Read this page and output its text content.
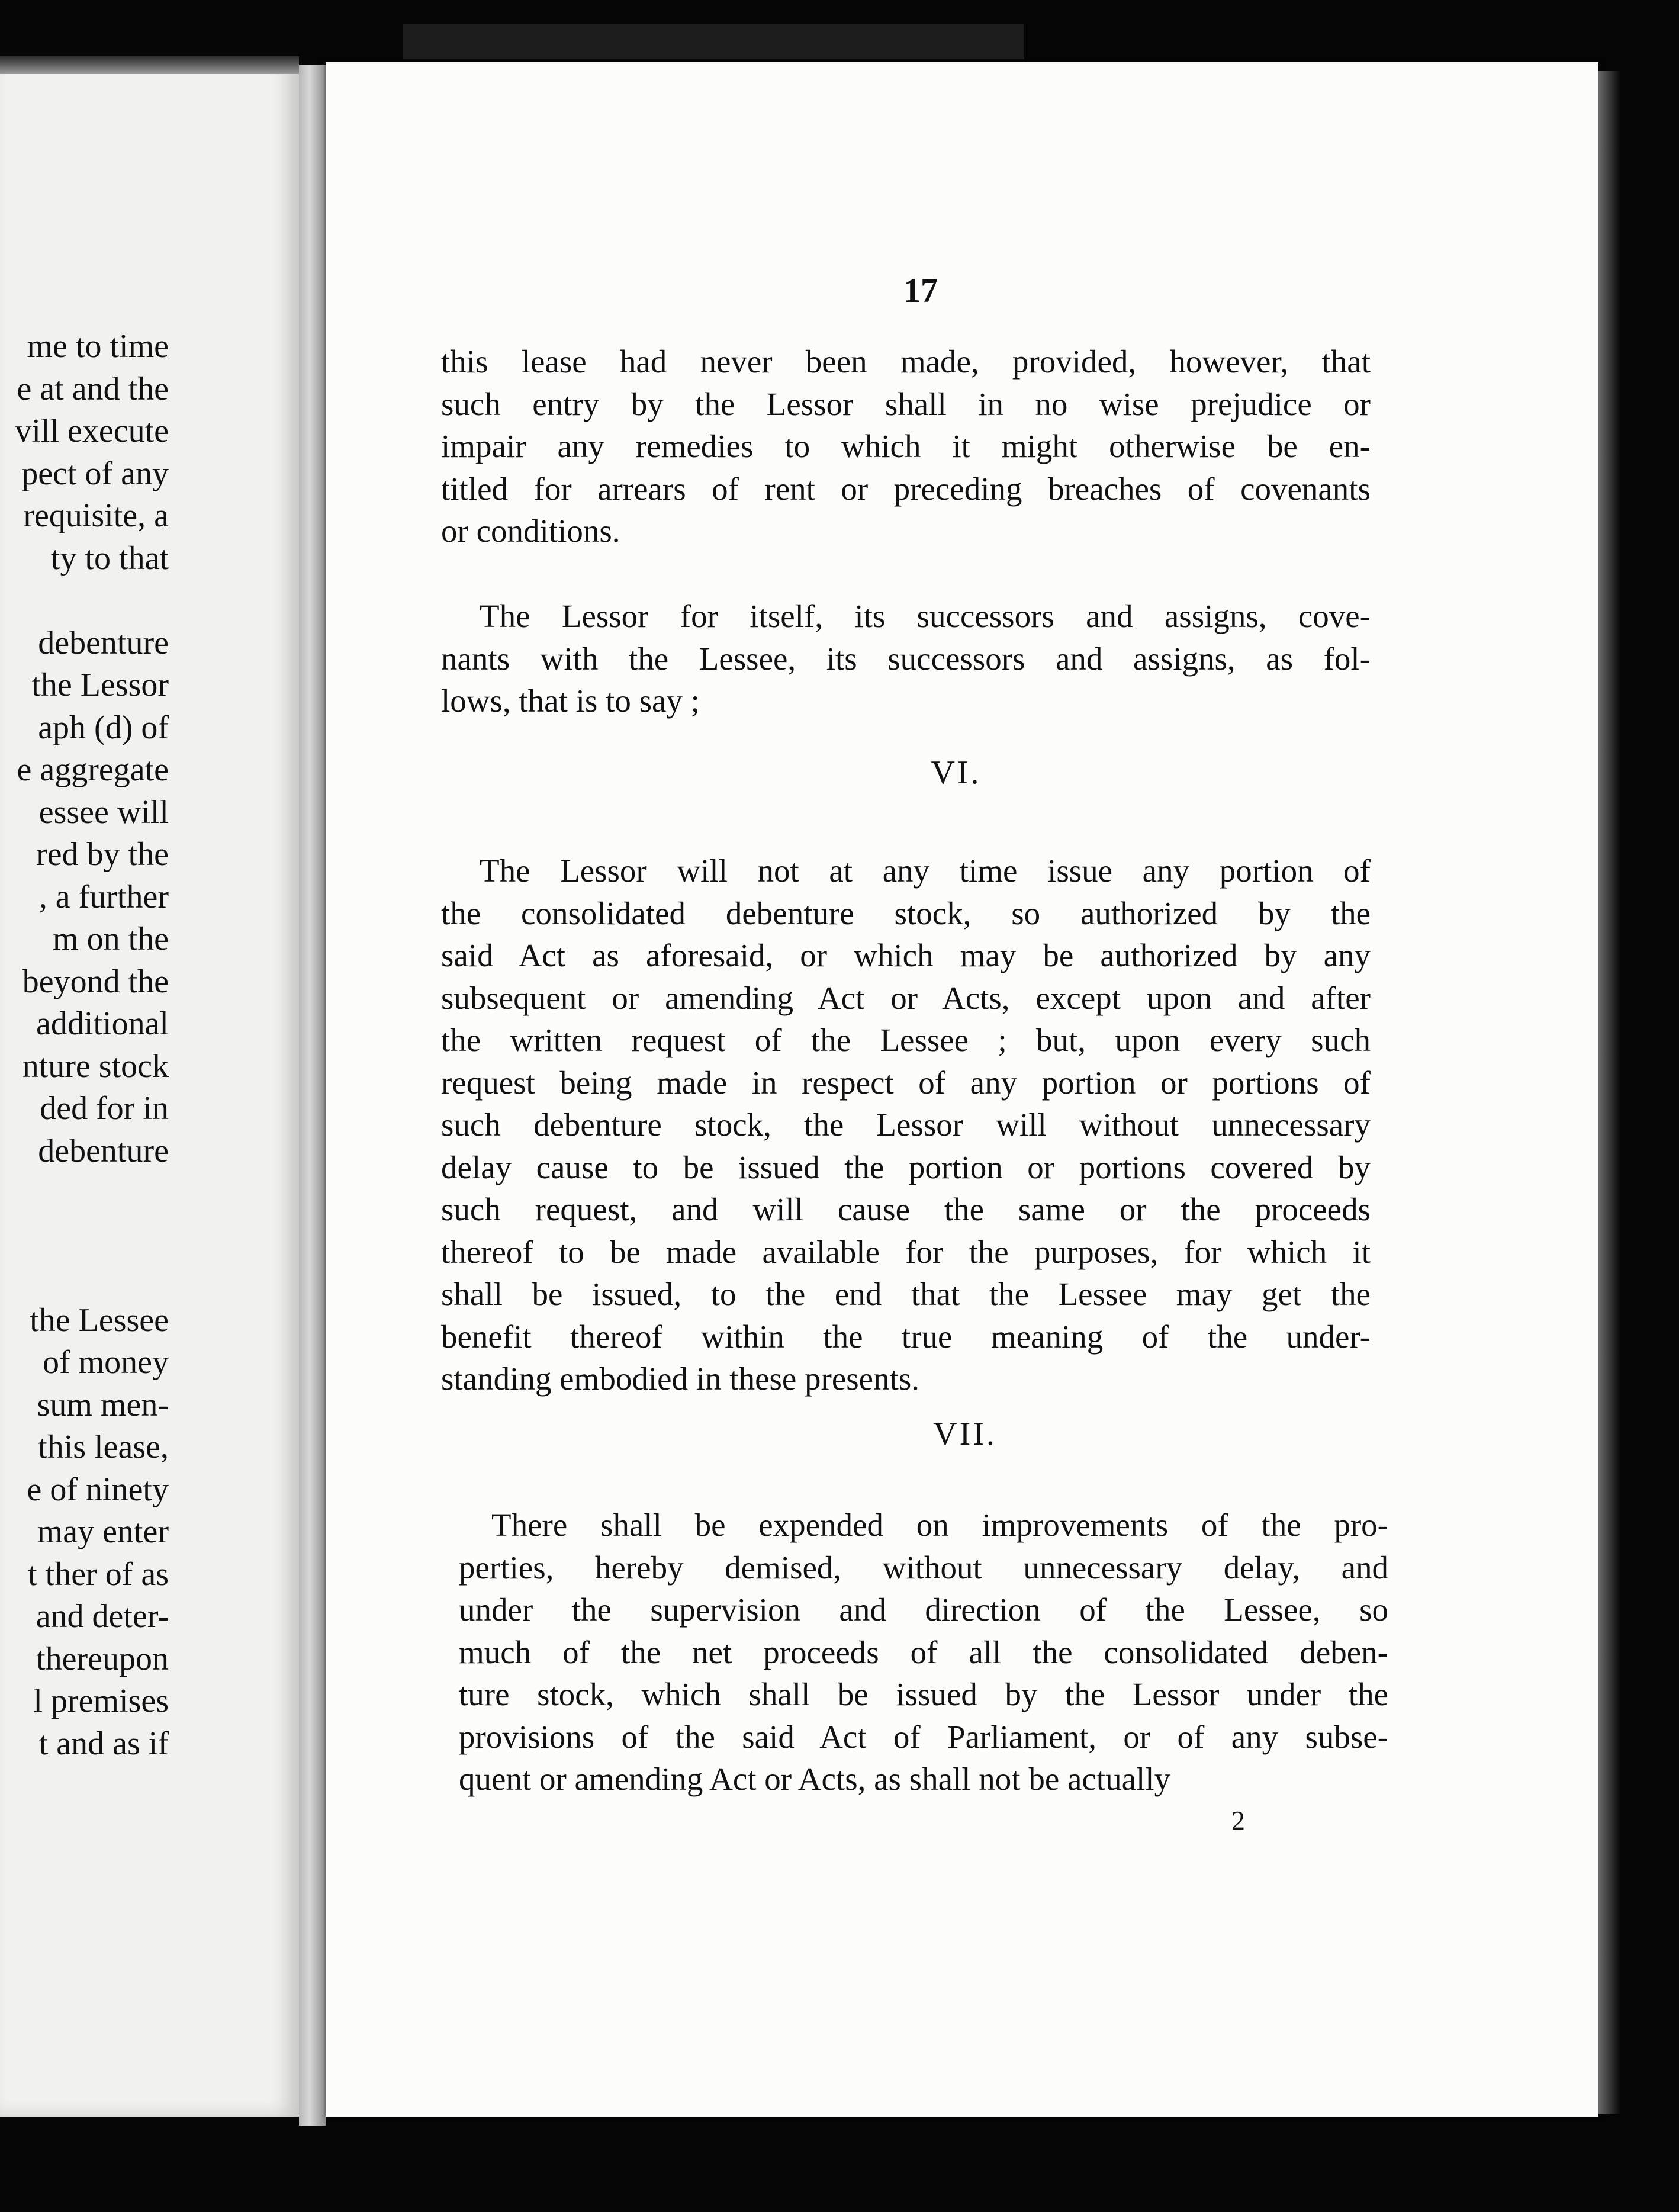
me to time
e at and the
vill execute
pect of any
requisite, a
ty to that
debenture
the Lessor
aph (d) of
e aggregate
essee will
red by the
, a further
m on the
beyond the
additional
nture stock
ded for in
debenture
the Lessee
of money
sum men-
this lease,
e of ninety
may enter
t ther of as
and deter-
thereupon
l premises
t and as if
17
this lease had never been made, provided, however, that
such entry by the Lessor shall in no wise prejudice or
impair any remedies to which it might otherwise be en-
titled for arrears of rent or preceding breaches of covenants
or conditions.
The Lessor for itself, its successors and assigns, cove-
nants with the Lessee, its successors and assigns, as fol-
lows, that is to say ;
VI.
The Lessor will not at any time issue any portion of
the consolidated debenture stock, so authorized by the
said Act as aforesaid, or which may be authorized by any
subsequent or amending Act or Acts, except upon and after
the written request of the Lessee ; but, upon every such
request being made in respect of any portion or portions of
such debenture stock, the Lessor will without unnecessary
delay cause to be issued the portion or portions covered by
such request, and will cause the same or the proceeds
thereof to be made available for the purposes, for which it
shall be issued, to the end that the Lessee may get the
benefit thereof within the true meaning of the under-
standing embodied in these presents.
VII.
There shall be expended on improvements of the pro-
perties, hereby demised, without unnecessary delay, and
under the supervision and direction of the Lessee, so
much of the net proceeds of all the consolidated deben-
ture stock, which shall be issued by the Lessor under the
provisions of the said Act of Parliament, or of any subse-
quent or amending Act or Acts, as shall not be actually
2
